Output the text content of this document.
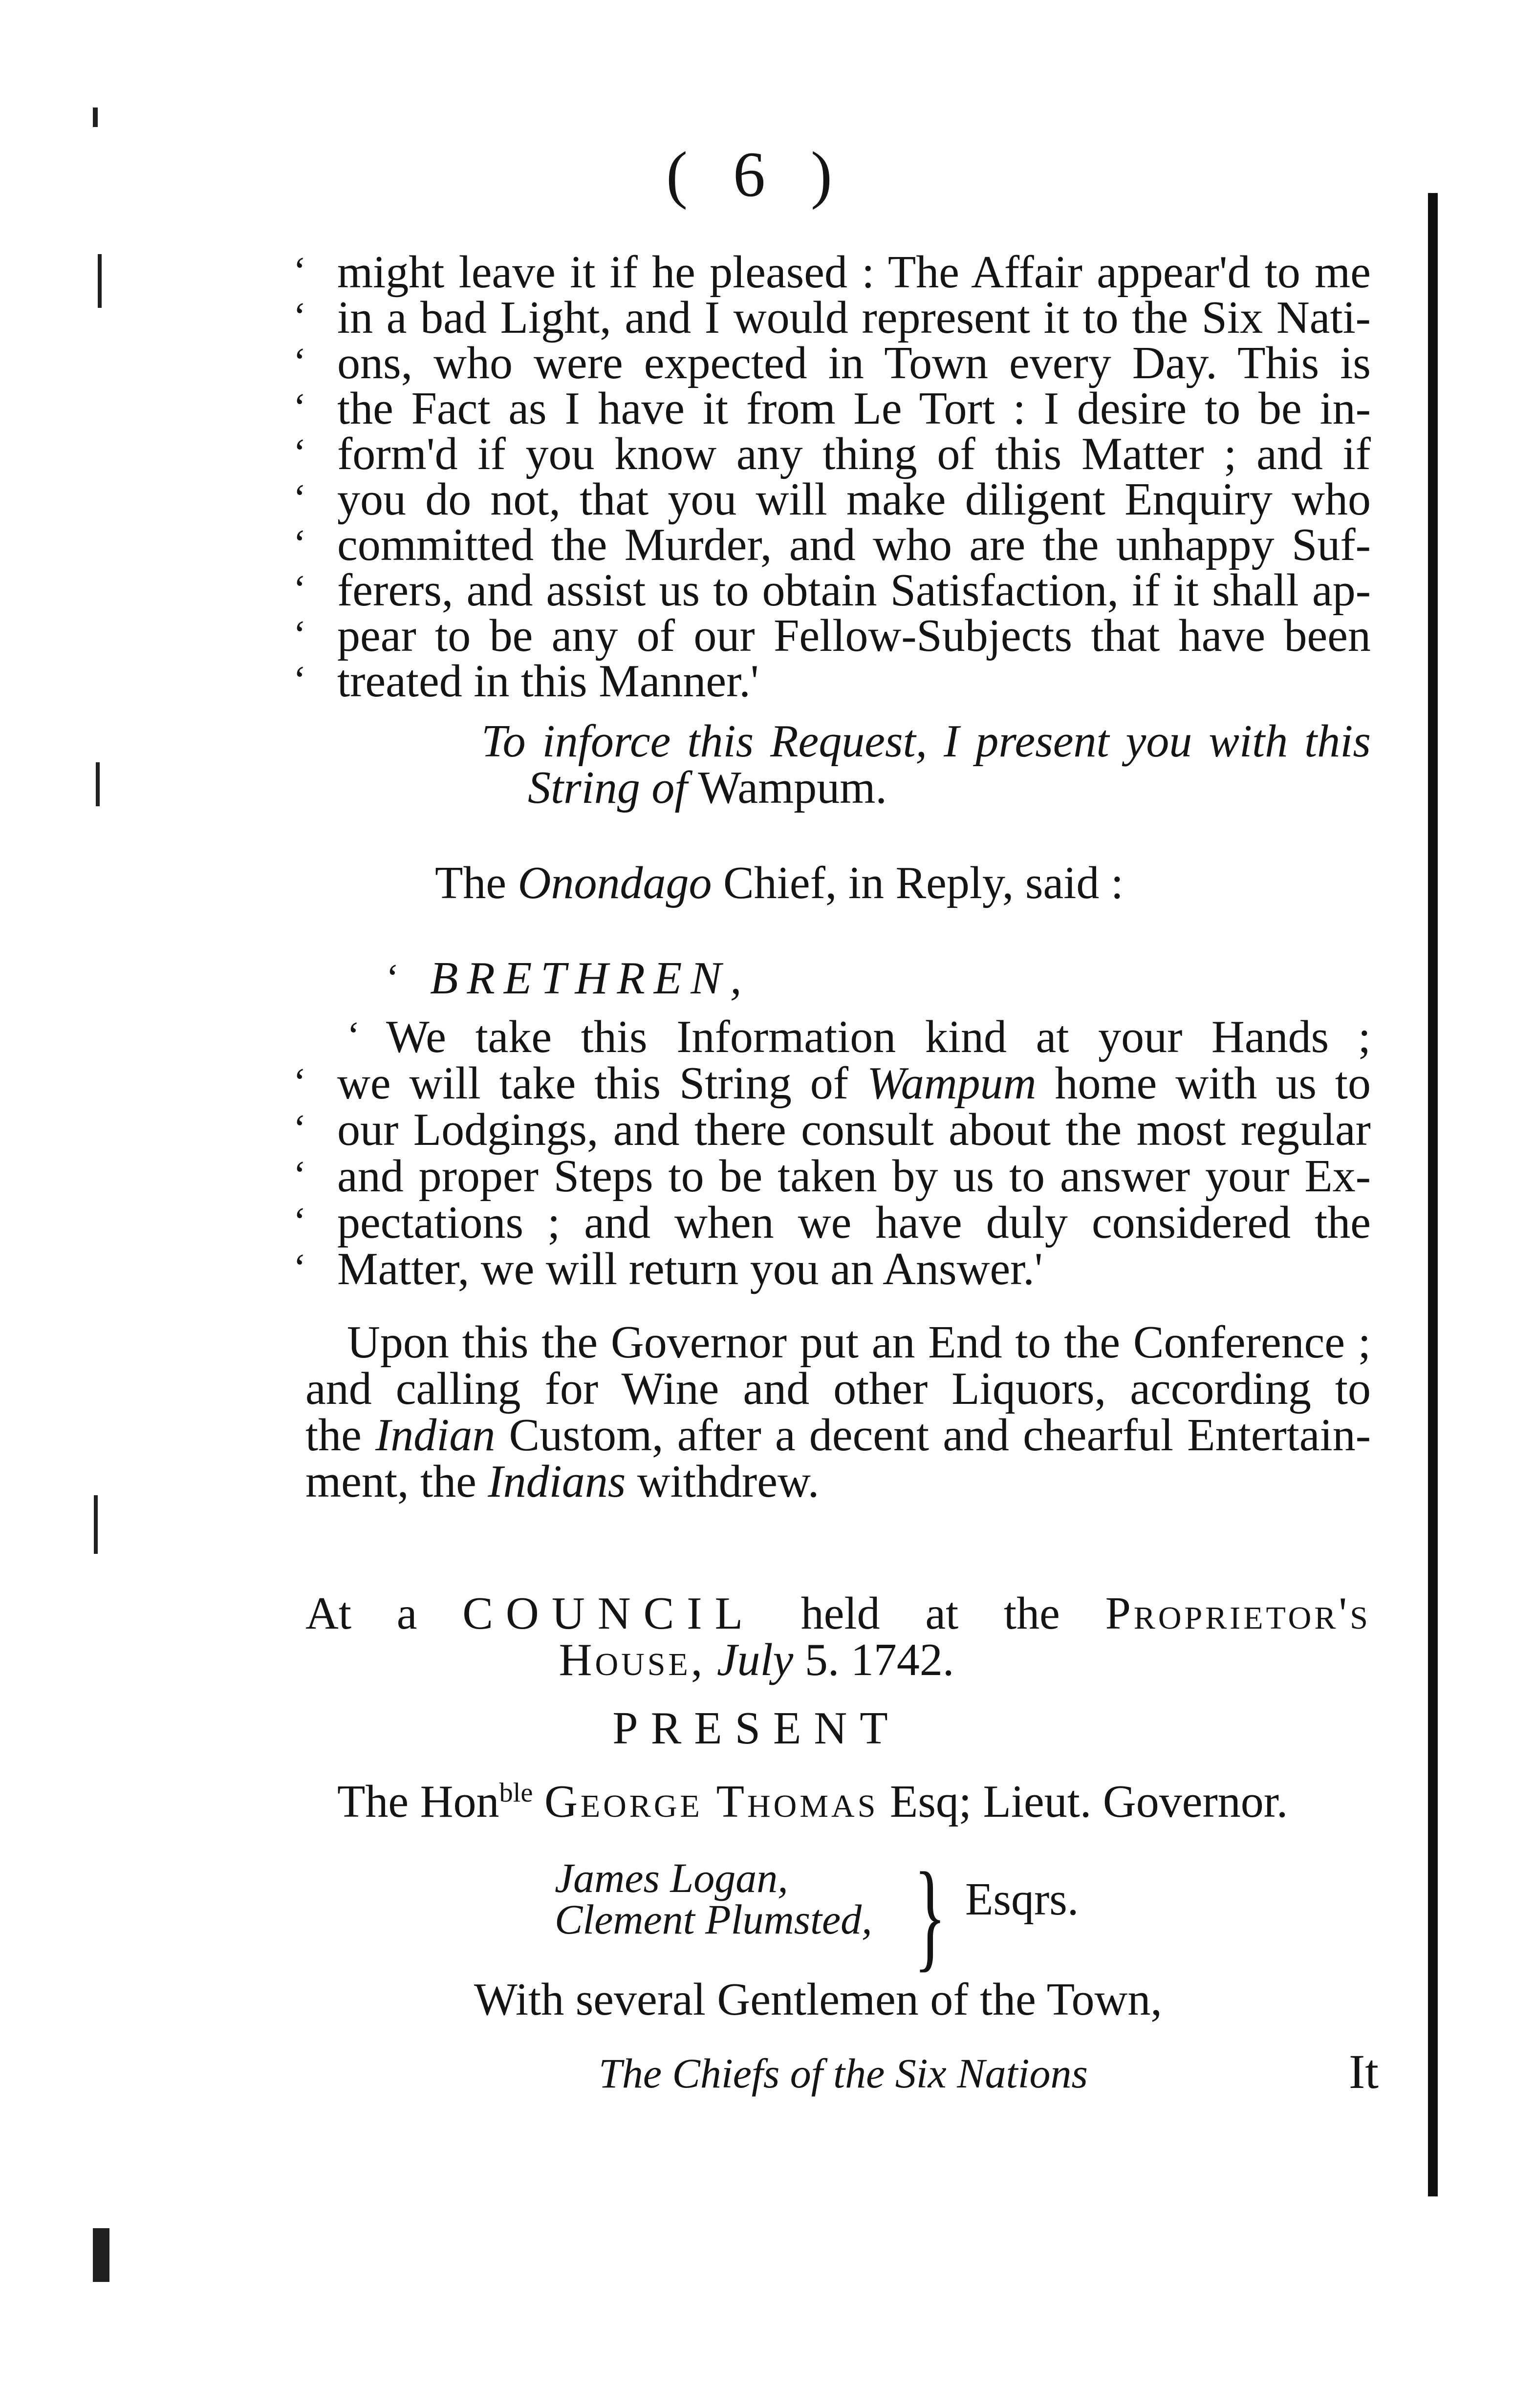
( 6 )
‘ might leave it if he pleased : The Affair appear'd to me
‘ in a bad Light, and I would represent it to the Six Nati-
‘ ons, who were expected in Town every Day. This is
‘ the Fact as I have it from Le Tort : I desire to be in-
‘ form'd if you know any thing of this Matter ; and if
‘ you do not, that you will make diligent Enquiry who
‘ committed the Murder, and who are the unhappy Suf-
‘ ferers, and assist us to obtain Satisfaction, if it shall ap-
‘ pear to be any of our Fellow-Subjects that have been
‘ treated in this Manner.'
To inforce this Request, I present you with this
String of Wampum.
The Onondago Chief, in Reply, said :
‘ BRETHREN,
‘ We take this Information kind at your Hands ;
‘ we will take this String of Wampum home with us to
‘ our Lodgings, and there consult about the most regular
‘ and proper Steps to be taken by us to answer your Ex-
‘ pectations ; and when we have duly considered the
‘ Matter, we will return you an Answer.'
Upon this the Governor put an End to the Conference ;
and calling for Wine and other Liquors, according to
the Indian Custom, after a decent and chearful Entertain-
ment, the Indians withdrew.
At a COUNCIL held at the Proprietor's
House, July 5. 1742.
PRESENT
The Hon$^{ble}$ George Thomas Esq; Lieut. Governor.
James Logan,
Clement Plumsted, } Esqrs.
With several Gentlemen of the Town,
The Chiefs of the Six Nations	It
